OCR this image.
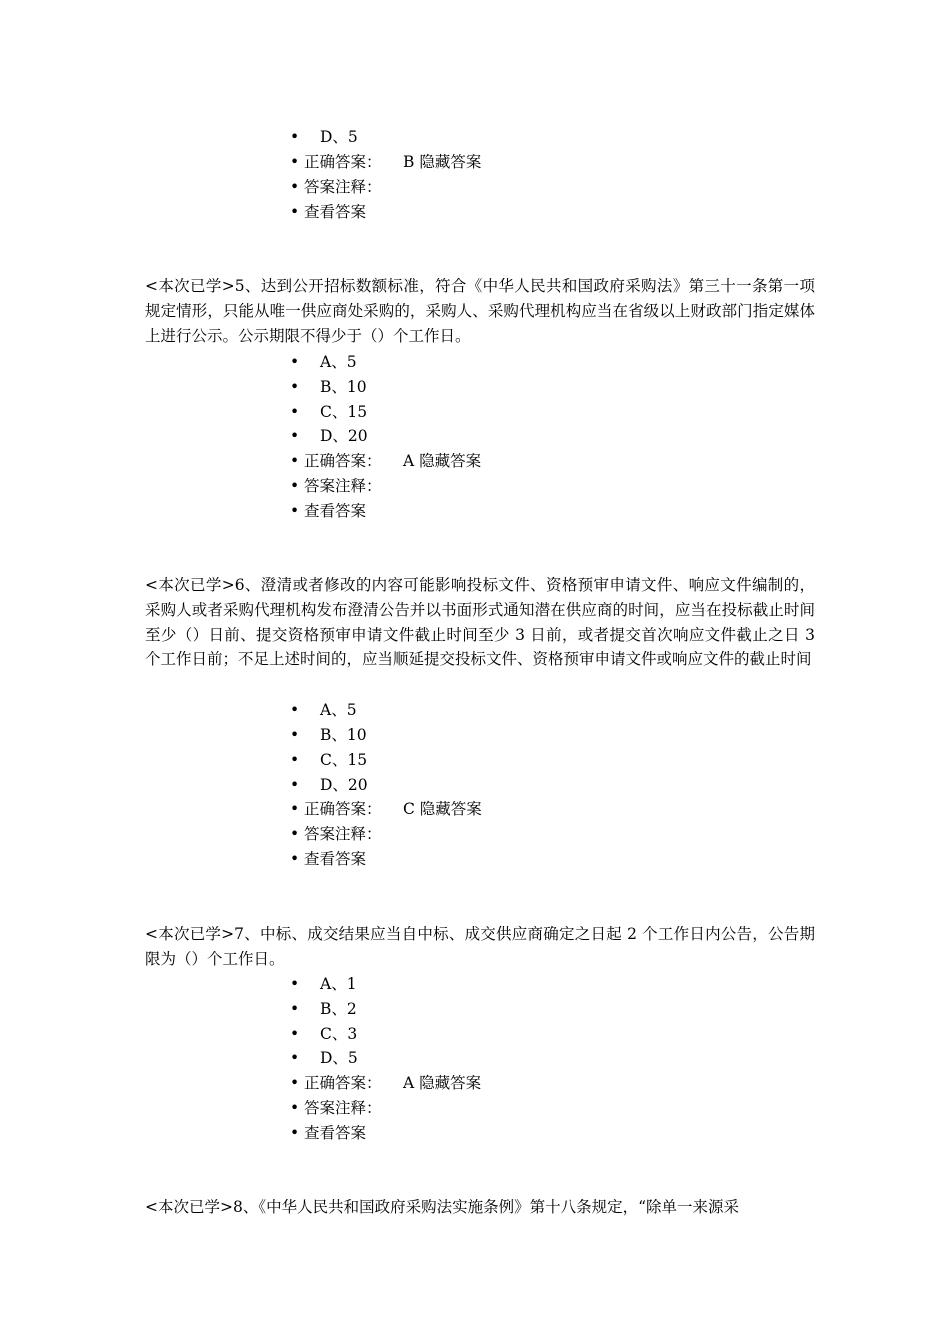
• D、5
• 正确答案： B 隐藏答案
• 答案注释：
• 查看答案
<本次已学>5、达到公开招标数额标准，符合《中华人民共和国政府采购法》第三十一条第一项规定情形，只能从唯一供应商处采购的，采购人、采购代理机构应当在省级以上财政部门指定媒体上进行公示。公示期限不得少于（）个工作日。
• A、5
• B、10
• C、15
• D、20
• 正确答案： A 隐藏答案
• 答案注释：
• 查看答案
<本次已学>6、澄清或者修改的内容可能影响投标文件、资格预审申请文件、响应文件编制的，采购人或者采购代理机构发布澄清公告并以书面形式通知潜在供应商的时间，应当在投标截止时间至少（）日前、提交资格预审申请文件截止时间至少 3 日前，或者提交首次响应文件截止之日 3 个工作日前；不足上述时间的，应当顺延提交投标文件、资格预审申请文件或响应文件的截止时间
• A、5
• B、10
• C、15
• D、20
• 正确答案： C 隐藏答案
• 答案注释：
• 查看答案
<本次已学>7、中标、成交结果应当自中标、成交供应商确定之日起 2 个工作日内公告，公告期限为（）个工作日。
• A、1
• B、2
• C、3
• D、5
• 正确答案： A 隐藏答案
• 答案注释：
• 查看答案
<本次已学>8、《中华人民共和国政府采购法实施条例》第十八条规定，“除单一来源采
